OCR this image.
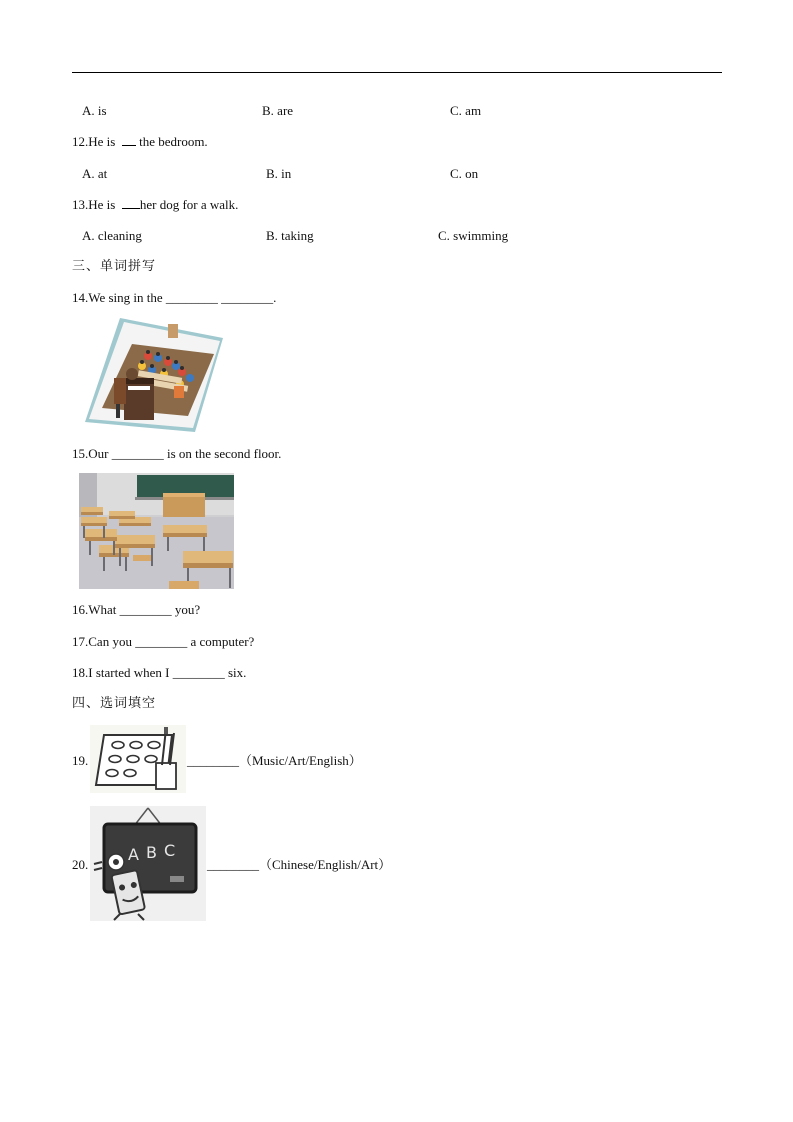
A. is	B. are	C. am
12.He is   the bedroom.
A. at	B. in	C. on
13.He is  her dog for a walk.
A. cleaning	B. taking	C. swimming
三、单词拼写
14.We sing in the ________ ________.
15.Our ________ is on the second floor.
16.What ________ you?
17.Can you ________ a computer?
18.I started when I ________ six.
四、选词填空
19.	________（Music/Art/English）
20.
A B C
________（Chinese/English/Art）
